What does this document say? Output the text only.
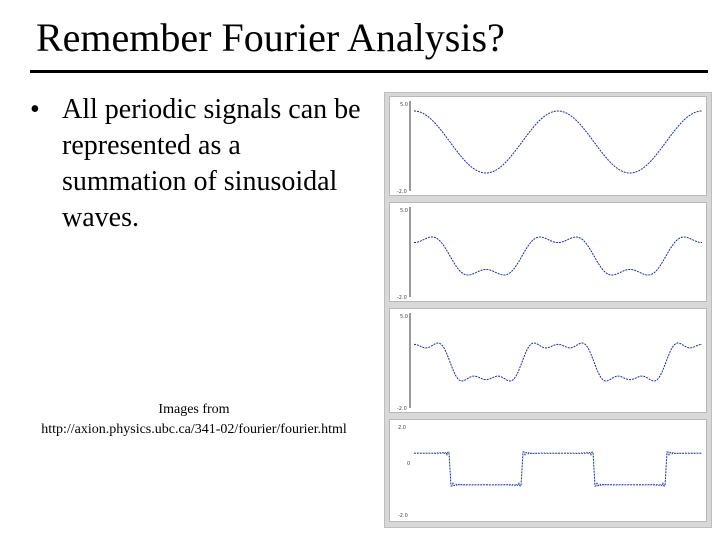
Remember Fourier Analysis?
• All periodic signals can be represented as a summation of sinusoidal waves.
Images from
http://axion.physics.ubc.ca/341-02/fourier/fourier.html
5.0
-2.0
5.0
-2.0
5.0
-2.0
2.0
0
-2.0
